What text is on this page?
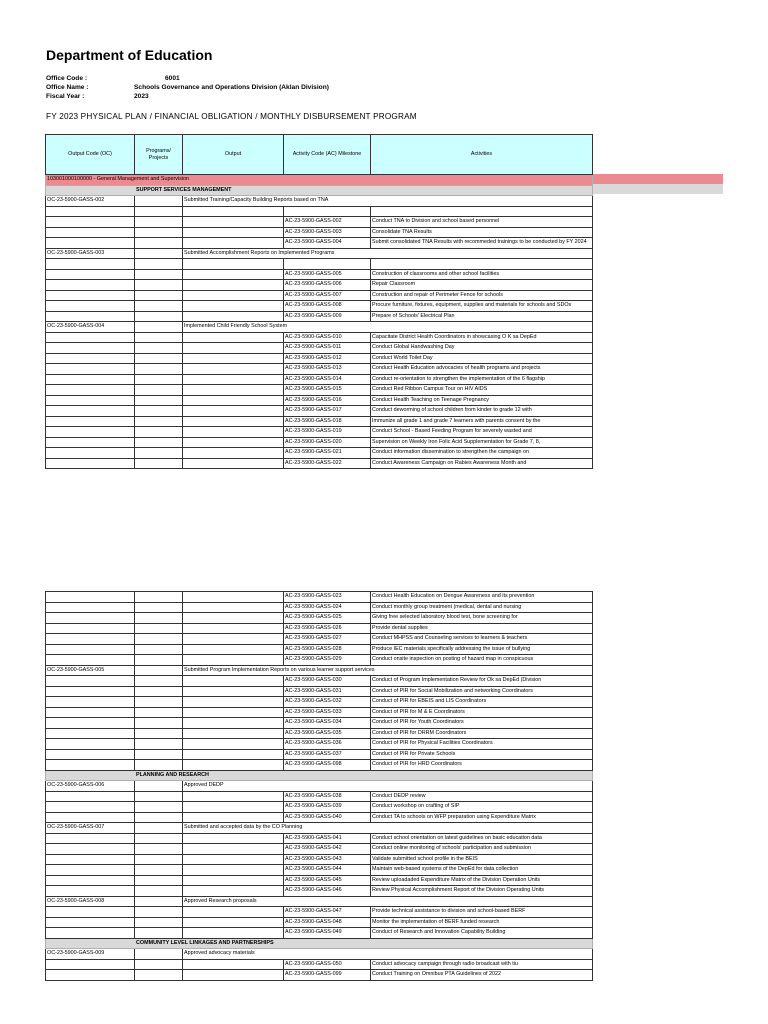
Department of Education
Office Code :	6001
Office Name :	Schools Governance and Operations Division (Aklan Division)
Fiscal Year :	2023
FY 2023 PHYSICAL PLAN / FINANCIAL OBLIGATION / MONTHLY DISBURSEMENT PROGRAM
Output Code (OC)	Programs/ Projects	Output	Activity Code (AC) Milestone	Activities
103001000100000 - General Management and Supervision				
SUPPORT SERVICES MANAGEMENT				
OC-23-5900-GASS-002		Submitted Training/Capacity Building Reports based on TNA		

			AC-23-5900-GASS-002	Conduct TNA to Division and school based personnel
			AC-23-5900-GASS-003	Consolidate TNA Results
			AC-23-5900-GASS-004	Submit consolidated TNA Results with recommeded trainings to be conducted by FY 2024
OC-23-5900-GASS-003		Submitted Accomplishment Reports on Implemented Programs		

			AC-23-5900-GASS-005	Construction of classrooms and other school facilities
			AC-23-5900-GASS-006	Repair Classroom
			AC-23-5900-GASS-007	Construction and repair of Perimeter Fence for schools
			AC-23-5900-GASS-008	Procure furniture, fixtures, equipment, supplies and materials for schools and SDOs
			AC-23-5900-GASS-009	Prepare of Schools' Electrical Plan
OC-23-5900-GASS-004		Implemented Child Friendly School System		
			AC-23-5900-GASS-010	Capacitate District Health Coordinators in showcasing O K sa DepEd
			AC-23-5900-GASS-011	Conduct Global Handwashing Day
			AC-23-5900-GASS-012	Conduct World Toilet Day
			AC-23-5900-GASS-013	Conduct Health Education advocacies of health programs and projects
			AC-23-5900-GASS-014	Conduct re-orientation to strengthen the implementation of the 6 flagship
			AC-23-5900-GASS-015	Conduct Red Ribbon Campus Tour on HIV AIDS
			AC-23-5900-GASS-016	Conduct Health Teaching on Teenage Pregnancy
			AC-23-5900-GASS-017	Conduct deworming of school children from kinder to grade 12 with
			AC-23-5900-GASS-018	Immunize all grade 1 and grade 7 learners with parents consent by the
			AC-23-5900-GASS-019	Conduct School - Based Feeding Program for severely wasted and
			AC-23-5900-GASS-020	Supervision on Weekly Iron Folic Acid Supplementation for Grade 7, 8,
			AC-23-5900-GASS-021	Conduct information dissemination to strengthen the campaign on
			AC-23-5900-GASS-022	Conduct Awareness Campaign on Rabies Awareness Month and
			AC-23-5900-GASS-023	Conduct Health Education on Dengue Awareness and its prevention
			AC-23-5900-GASS-024	Conduct monthly group treatment (medical, dental and nursing
			AC-23-5900-GASS-025	Giving free selected laboratory blood test, bone screening for
			AC-23-5900-GASS-026	Provide dental supplies
			AC-23-5900-GASS-027	Conduct MHPSS and Counseling services to learners & teachers
			AC-23-5900-GASS-028	Produce IEC materials specifically addressing the issue of bullying
			AC-23-5900-GASS-029	Conduct onsite inspection on posting of hazard map in conspicuous
OC-23-5900-GASS-005		Submitted Program Implementation Reports on various learner support services		
			AC-23-5900-GASS-030	Conduct of Program Implementation Review for Ok sa DepEd (Division
			AC-23-5900-GASS-031	Conduct of PIR for Social Mobilization and networking Coordinators
			AC-23-5900-GASS-032	Conduct of PIR for EBEIS and LIS Coordinators
			AC-23-5900-GASS-033	Conduct of PIR for M & E Coordinators
			AC-23-5900-GASS-034	Conduct of PIR for Youth Coordinators
			AC-23-5900-GASS-035	Conduct of PIR for DRRM Coordinators
			AC-23-5900-GASS-036	Conduct of PIR for Physical Facilities Coordinators
			AC-23-5900-GASS-037	Conduct of PIR for Private Schools
			AC-23-5900-GASS-098	Conduct of PIR for HRD Coordinators
PLANNING AND RESEARCH				
OC-23-5900-GASS-006		Approved DEDP		
			AC-23-5900-GASS-038	Conduct DEDP review
			AC-23-5900-GASS-039	Conduct workshop on crafting of SIP
			AC-23-5900-GASS-040	Conduct TA to schools on WFP preparation using Expenditure Matrix
OC-23-5900-GASS-007		Submitted and accepted data by the CO Planning		
			AC-23-5900-GASS-041	Conduct school orientation on latest guidelines on basic education data
			AC-23-5900-GASS-042	Conduct online monitoring of schools' participation and submission
			AC-23-5900-GASS-043	Validate submitted school profile in the BEIS
			AC-23-5900-GASS-044	Maintain web-based systems of the DepEd for data collection
			AC-23-5900-GASS-045	Review uploadaded Expenditure Matrix of the Division Operation Units
			AC-23-5900-GASS-046	Review Physical Accomplishment Report of the Division Operating Units
OC-23-5900-GASS-008		Approved Research proposals		
			AC-23-5900-GASS-047	Provide technical assistance to division and school-based BERF
			AC-23-5900-GASS-048	Monitor the implementation of BERF funded research
			AC-23-5900-GASS-049	Conduct of Research and Innovation Capability Building
COMMUNITY LEVEL LINKAGES AND PARTNERSHIPS				
OC-23-5900-GASS-009		Approved advocacy materials		
			AC-23-5900-GASS-050	Conduct advocacy campaign through radio broadcast with tiu
			AC-23-5900-GASS-099	Conduct Training on Omnibus PTA Guidelines of 2022
